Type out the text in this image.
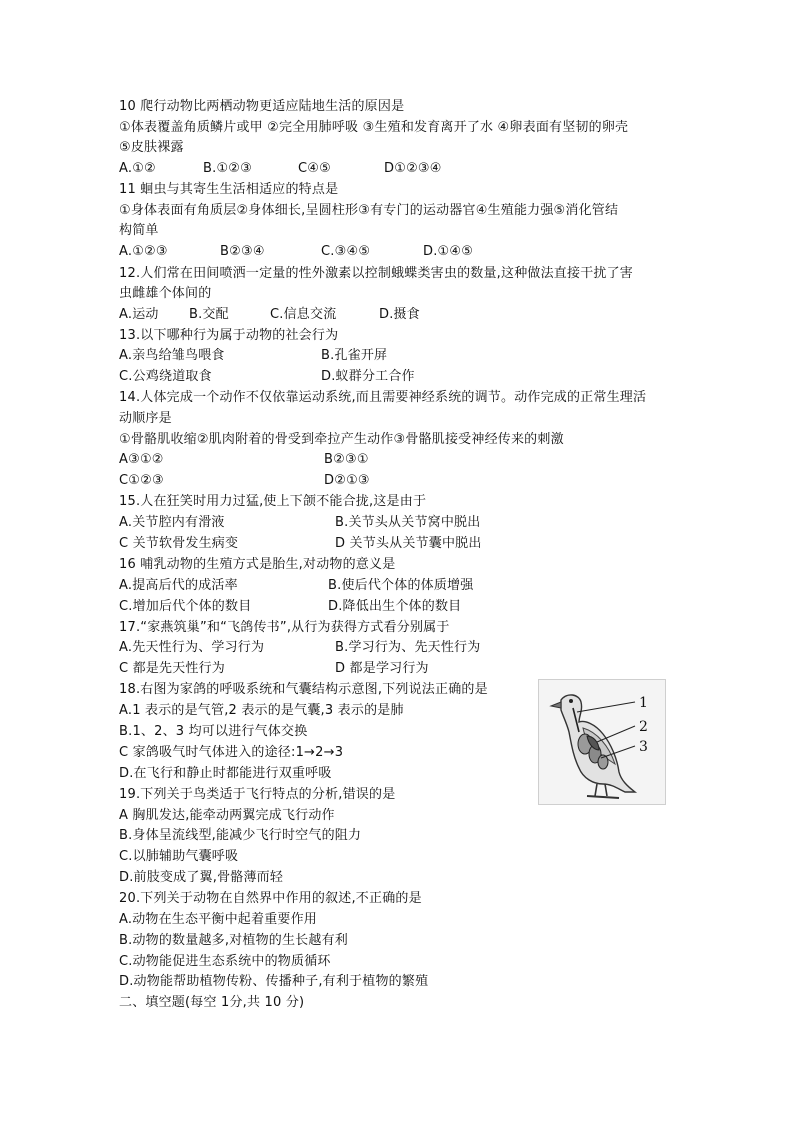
10 爬行动物比两栖动物更适应陆地生活的原因是
①体表覆盖角质鳞片或甲 ②完全用肺呼吸 ③生殖和发育离开了水 ④卵表面有坚韧的卵壳
⑤皮肤裸露
A.①②	B.①②③	C④⑤	D①②③④
11 蛔虫与其寄生生活相适应的特点是
①身体表面有角质层②身体细长,呈圆柱形③有专门的运动器官④生殖能力强⑤消化管结
构简单
A.①②③	B②③④	C.③④⑤	D.①④⑤
12.人们常在田间喷洒一定量的性外激素以控制蛾蝶类害虫的数量,这种做法直接干扰了害
虫雌雄个体间的
A.运动 B.交配	C.信息交流	D.摄食
13.以下哪种行为属于动物的社会行为
A.亲鸟给雏鸟喂食	B.孔雀开屏
C.公鸡绕道取食	D.蚁群分工合作
14.人体完成一个动作不仅依靠运动系统,而且需要神经系统的调节。动作完成的正常生理活
动顺序是
①骨骼肌收缩②肌肉附着的骨受到牵拉产生动作③骨骼肌接受神经传来的刺激
A③①②	B②③①
C①②③	D②①③
15.人在狂笑时用力过猛,使上下颌不能合拢,这是由于
A.关节腔内有滑液	B.关节头从关节窝中脱出
C 关节软骨发生病变	D 关节头从关节囊中脱出
16 哺乳动物的生殖方式是胎生,对动物的意义是
A.提高后代的成活率	B.使后代个体的体质增强
C.增加后代个体的数目	D.降低出生个体的数目
17.“家燕筑巢”和“飞鸽传书”,从行为获得方式看分别属于
A.先天性行为、学习行为	B.学习行为、先天性行为
C 都是先天性行为	D 都是学习行为
18.右图为家鸽的呼吸系统和气囊结构示意图,下列说法正确的是
A.1 表示的是气管,2 表示的是气囊,3 表示的是肺
B.1、2、3 均可以进行气体交换
C 家鸽吸气时气体进入的途径:1→2→3
D.在飞行和静止时都能进行双重呼吸
1
2
3
19.下列关于鸟类适于飞行特点的分析,错误的是
A 胸肌发达,能牵动两翼完成飞行动作
B.身体呈流线型,能减少飞行时空气的阻力
C.以肺辅助气囊呼吸
D.前肢变成了翼,骨骼薄而轻
20.下列关于动物在自然界中作用的叙述,不正确的是
A.动物在生态平衡中起着重要作用
B.动物的数量越多,对植物的生长越有利
C.动物能促进生态系统中的物质循环
D.动物能帮助植物传粉、传播种子,有利于植物的繁殖
二、填空题(每空 1分,共 10 分)
